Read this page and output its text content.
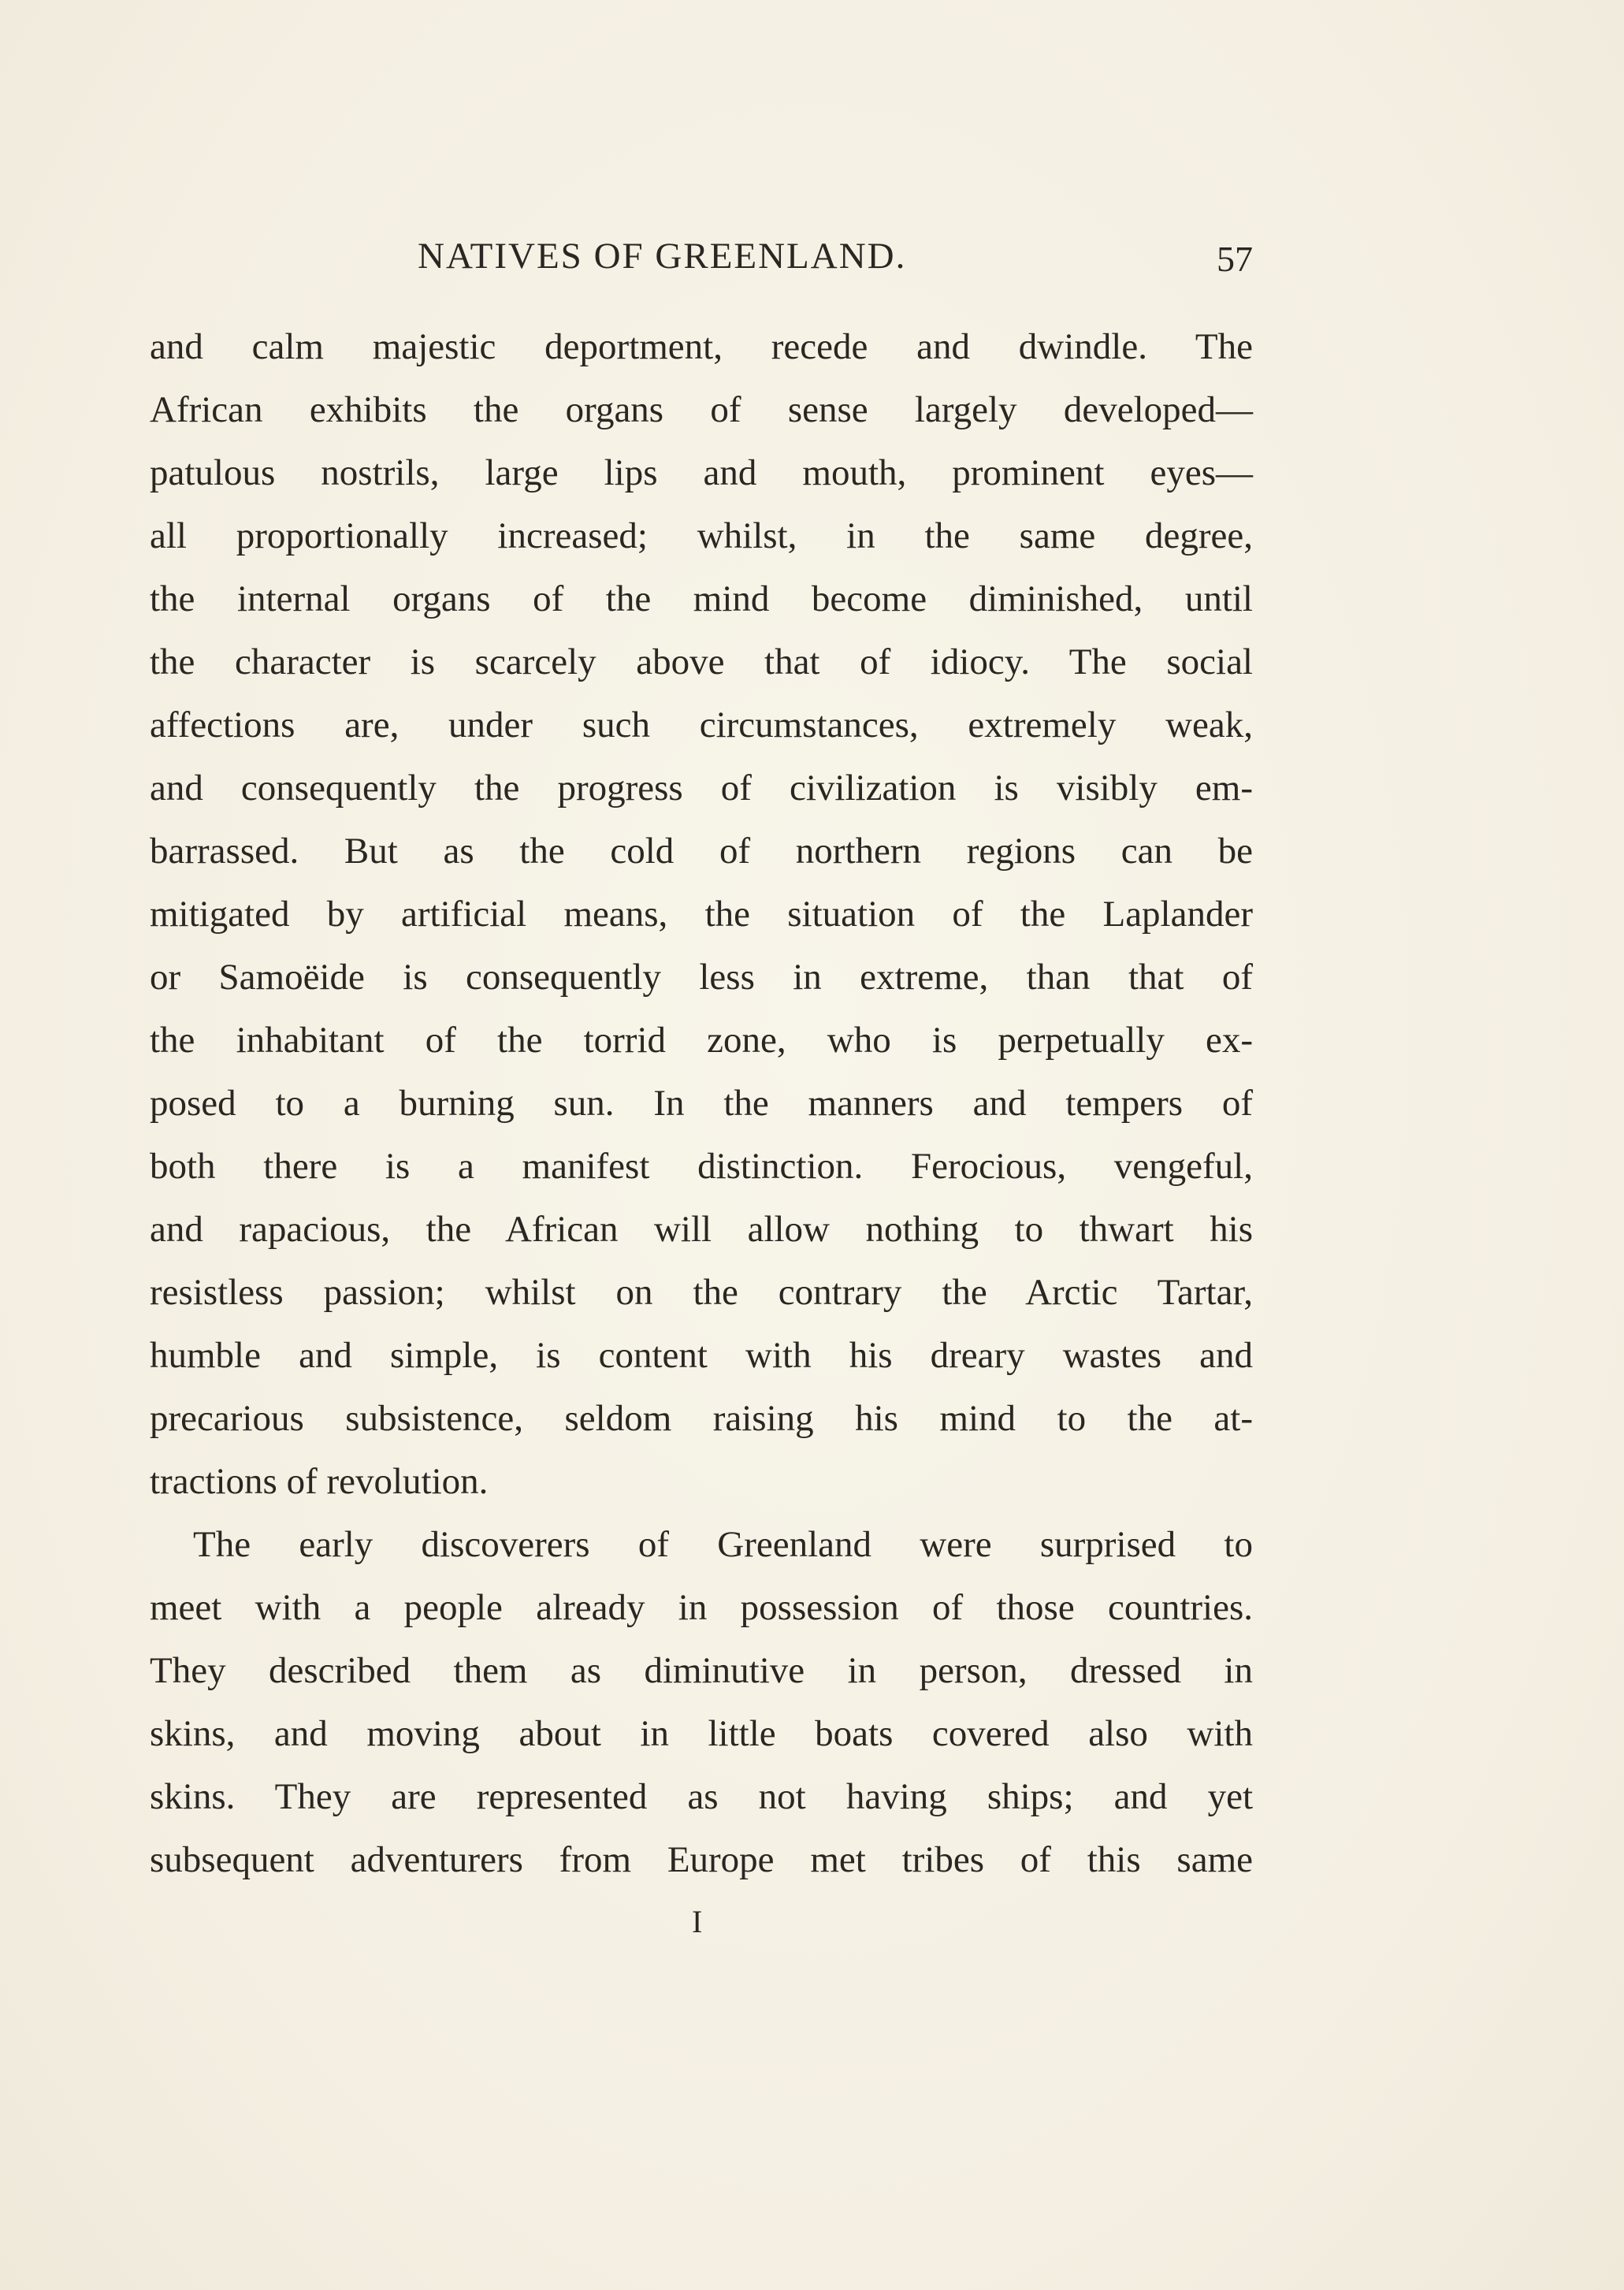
NATIVES OF GREENLAND.	57
and calm majestic deportment, recede and dwindle. The
African exhibits the organs of sense largely developed—
patulous nostrils, large lips and mouth, prominent eyes—
all proportionally increased; whilst, in the same degree,
the internal organs of the mind become diminished, until
the character is scarcely above that of idiocy. The social
affections are, under such circumstances, extremely weak,
and consequently the progress of civilization is visibly em-
barrassed. But as the cold of northern regions can be
mitigated by artificial means, the situation of the Laplander
or Samoëide is consequently less in extreme, than that of
the inhabitant of the torrid zone, who is perpetually ex-
posed to a burning sun. In the manners and tempers of
both there is a manifest distinction. Ferocious, vengeful,
and rapacious, the African will allow nothing to thwart his
resistless passion; whilst on the contrary the Arctic Tartar,
humble and simple, is content with his dreary wastes and
precarious subsistence, seldom raising his mind to the at-
tractions of revolution.
The early discoverers of Greenland were surprised to
meet with a people already in possession of those countries.
They described them as diminutive in person, dressed in
skins, and moving about in little boats covered also with
skins. They are represented as not having ships; and yet
subsequent adventurers from Europe met tribes of this same
I
